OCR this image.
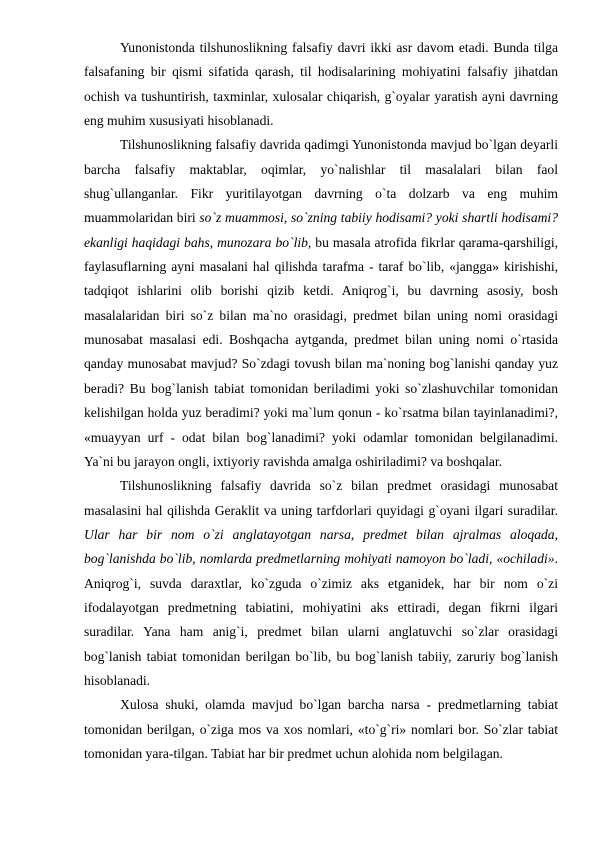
Yunonistonda tilshunoslikning falsafiy davri ikki asr davom etadi. Bunda tilga falsafaning bir qismi sifatida qarash, til hodisalarining mohiyatini falsafiy jihatdan ochish va tushuntirish, taxminlar, xulosalar chiqarish, g`oyalar yaratish ayni davrning eng muhim xususiyati hisoblanadi.

Tilshunoslikning falsafiy davrida qadimgi Yunonistonda mavjud bo`lgan deyarli barcha falsafiy maktablar, oqimlar, yo`nalishlar til masalalari bilan faol shug`ullanganlar. Fikr yuritilayotgan davrning o`ta dolzarb va eng muhim muammolaridan biri so`z muammosi, so`zning tabiiy hodisami? yoki shartli hodisami? ekanligi haqidagi bahs, munozara bo`lib, bu masala atrofida fikrlar qarama-qarshiligi, faylasuflarning ayni masalani hal qilishda tarafma - taraf bo`lib, «jangga» kirishishi, tadqiqot ishlarini olib borishi qizib ketdi. Aniqrog`i, bu davrning asosiy, bosh masalalaridan biri so`z bilan ma`no orasidagi, predmet bilan uning nomi orasidagi munosabat masalasi edi. Boshqacha aytganda, predmet bilan uning nomi o`rtasida qanday munosabat mavjud? So`zdagi tovush bilan ma`noning bog`lanishi qanday yuz beradi? Bu bog`lanish tabiat tomonidan beriladimi yoki so`zlashuvchilar tomonidan kelishilgan holda yuz beradimi? yoki ma`lum qonun - ko`rsatma bilan tayinlanadimi?, «muayyan urf - odat bilan bog`lanadimi? yoki odamlar tomonidan belgilanadimi. Ya`ni bu jarayon ongli, ixtiyoriy ravishda amalga oshiriladimi? va boshqalar.

Tilshunoslikning falsafiy davrida so`z bilan predmet orasidagi munosabat masalasini hal qilishda Geraklit va uning tarfdorlari quyidagi g`oyani ilgari suradilar. Ular har bir nom o`zi anglatayotgan narsa, predmet bilan ajralmas aloqada, bog`lanishda bo`lib, nomlarda predmetlarning mohiyati namoyon bo`ladi, «ochiladi». Aniqrog`i, suvda daraxtlar, ko`zguda o`zimiz aks etganidek, har bir nom o`zi ifodalayotgan predmetning tabiatini, mohiyatini aks ettiradi, degan fikrni ilgari suradilar. Yana ham anig`i, predmet bilan ularni anglatuvchi so`zlar orasidagi bog`lanish tabiat tomonidan berilgan bo`lib, bu bog`lanish tabiiy, zaruriy bog`lanish hisoblanadi.

Xulosa shuki, olamda mavjud bo`lgan barcha narsa - predmetlarning tabiat tomonidan berilgan, o`ziga mos va xos nomlari, «to`g`ri» nomlari bor. So`zlar tabiat tomonidan yara-tilgan. Tabiat har bir predmet uchun alohida nom belgilagan.
